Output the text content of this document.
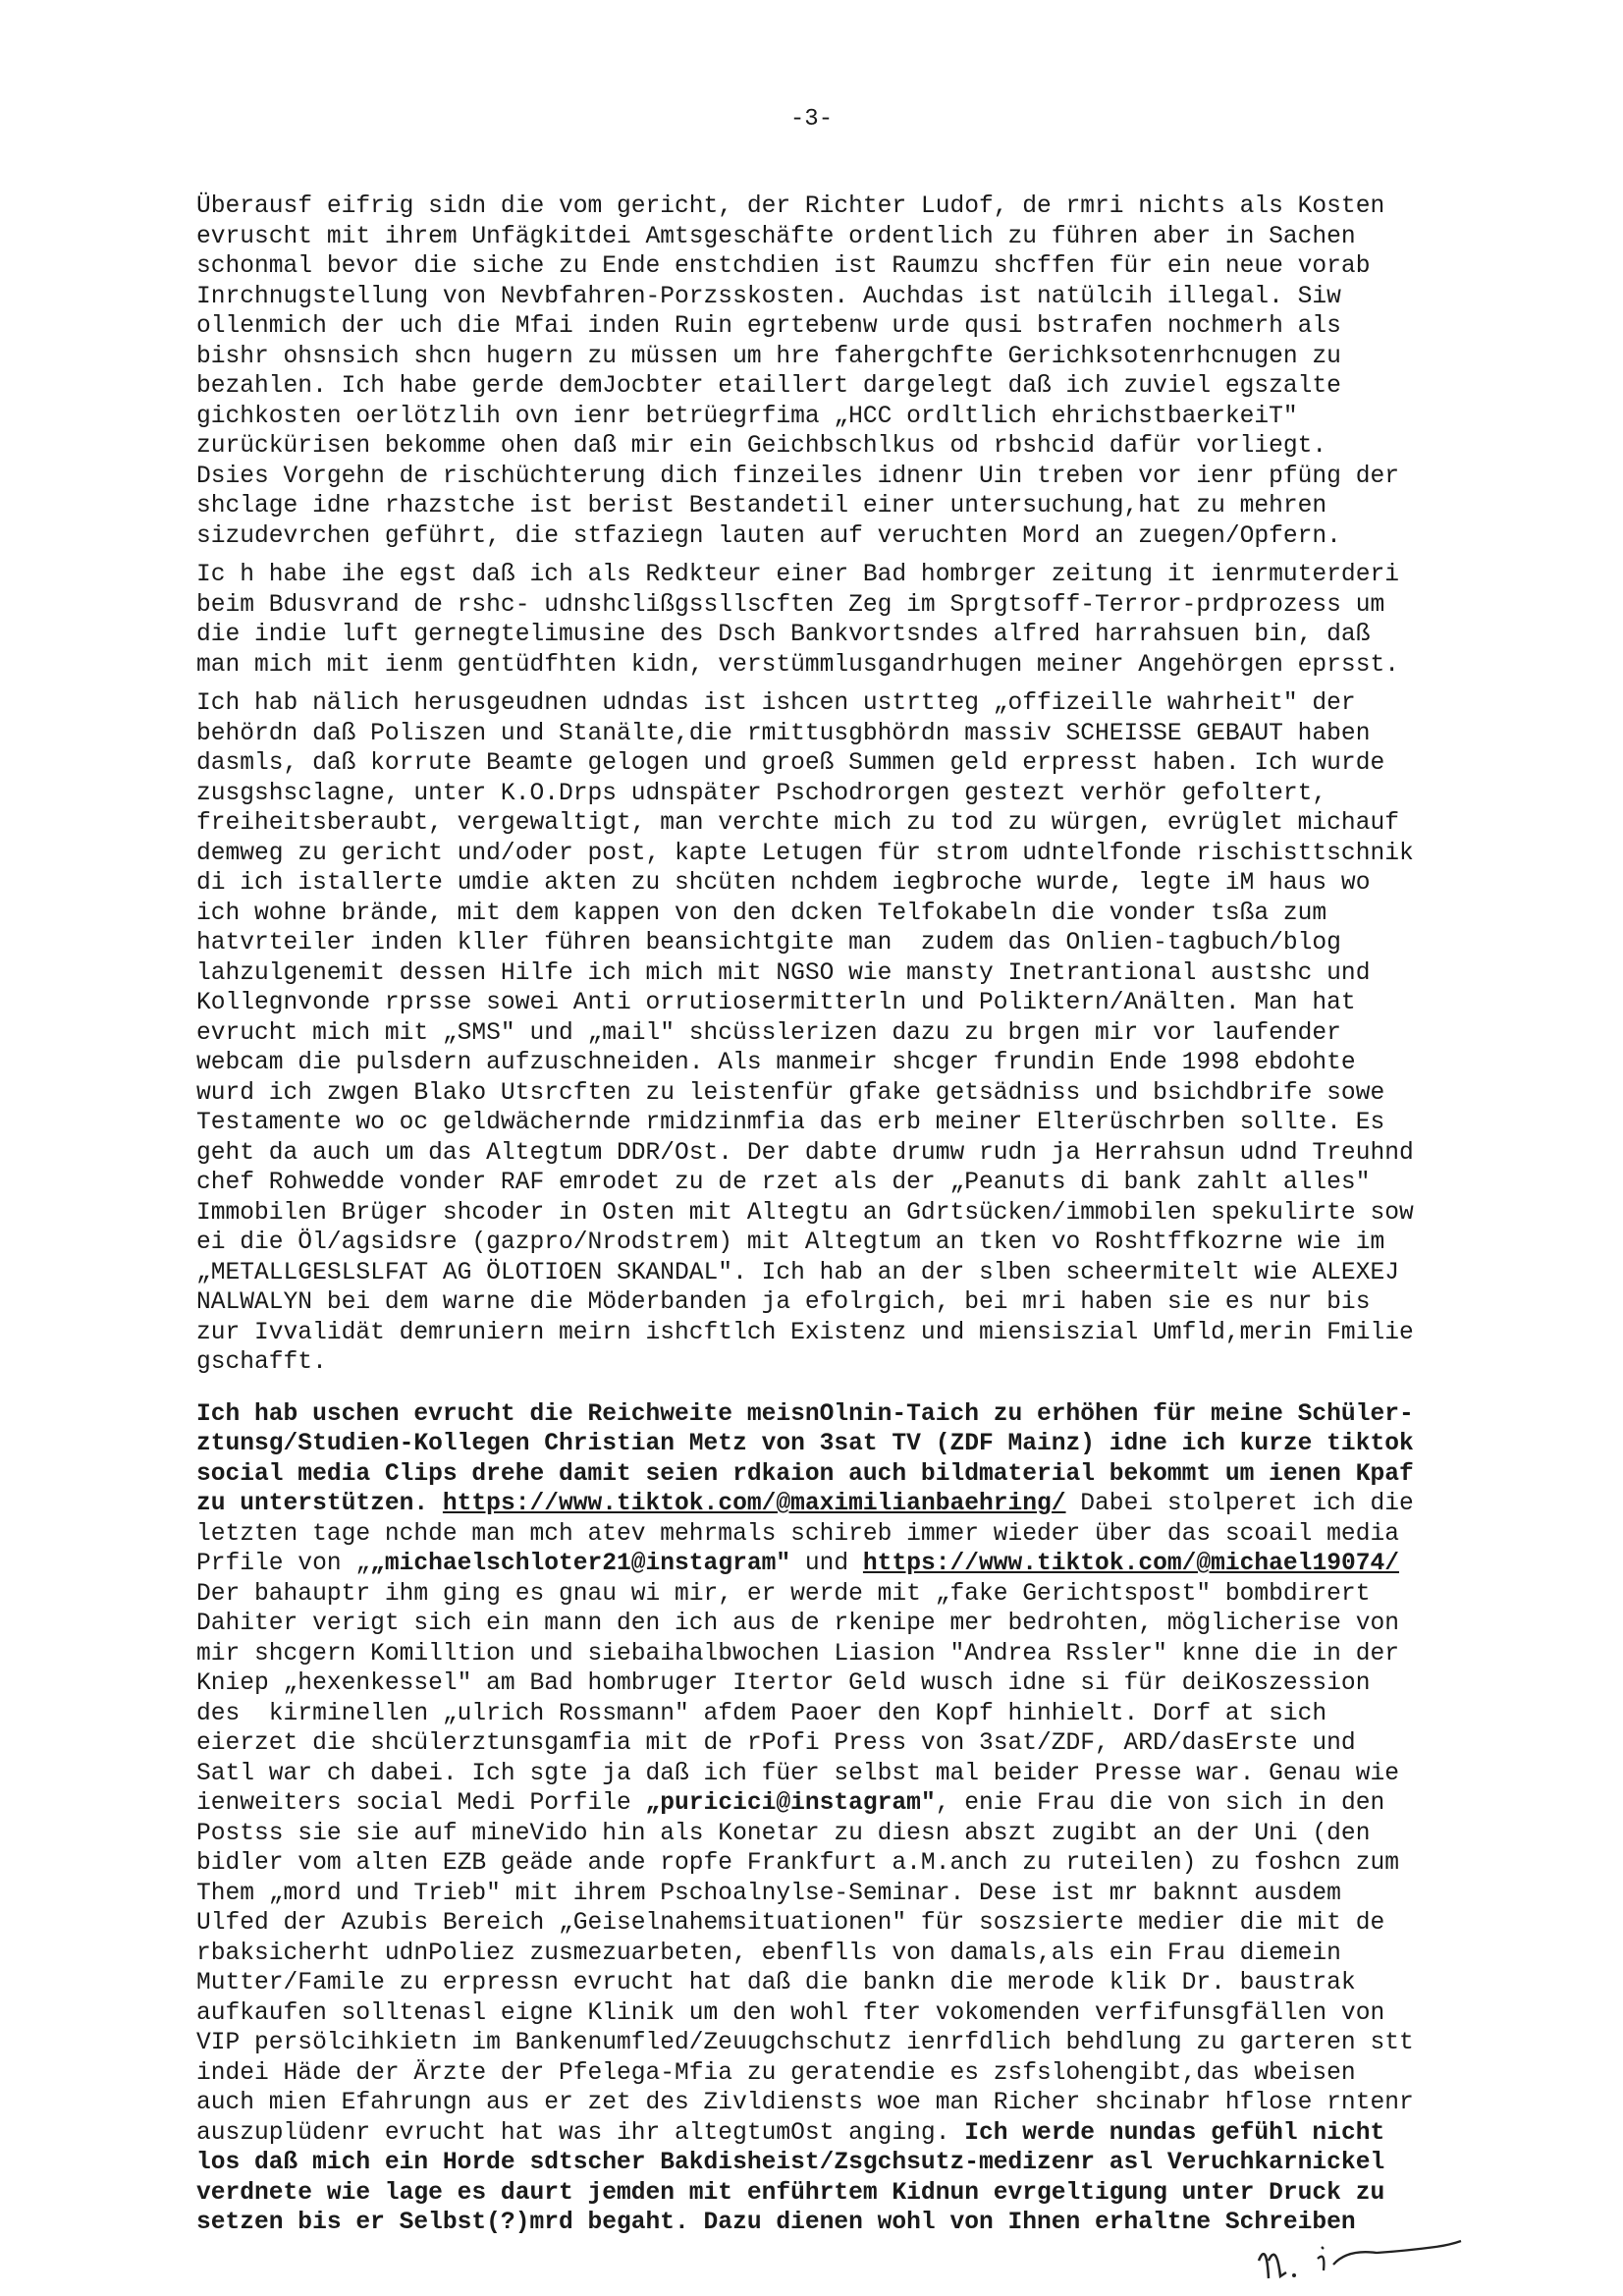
-3-
Überausf eifrig sidn die vom gericht, der Richter Ludof, de rmri nichts als Kosten
evruscht mit ihrem Unfägkitdei Amtsgeschäfte ordentlich zu führen aber in Sachen
schonmal bevor die siche zu Ende enstchdien ist Raumzu shcffen für ein neue vorab
Inrchnugstellung von Nevbfahren-Porzsskosten. Auchdas ist natülcih illegal. Siw
ollenmich der uch die Mfai inden Ruin egrtebenw urde qusi bstrafen nochmerh als
bishr ohsnsich shcn hugern zu müssen um hre fahergchfte Gerichksotenrhcnugen zu
bezahlen. Ich habe gerde demJocbter etaillert dargelegt daß ich zuviel egszalte
gichkosten oerlötzlih ovn ienr betrüegrfima „HCC ordltlich ehrichstbaerkeiT"
zurückürisen bekomme ohen daß mir ein Geichbschlkus od rbshcid dafür vorliegt.
Dsies Vorgehn de rischüchterung dich finzeiles idnenr Uin treben vor ienr pfüng der
shclage idne rhazstche ist berist Bestandetil einer untersuchung,hat zu mehren
sizudevrchen geführt, die stfaziegn lauten auf veruchten Mord an zuegen/Opfern.
Ic h habe ihe egst daß ich als Redkteur einer Bad hombrger zeitung it ienrmuterderi
beim Bdusvrand de rshc- udnshclißgssllscften Zeg im Sprgtsoff-Terror-prdprozess um
die indie luft gernegtelimusine des Dsch Bankvortsndes alfred harrahsuen bin, daß
man mich mit ienm gentüdfhten kidn, verstümmlusgandrhugen meiner Angehörgen eprsst.
Ich hab nälich herusgeudnen udndas ist ishcen ustrtteg „offizeille wahrheit" der
behördn daß Poliszen und Stanälte,die rmittusgbhördn massiv SCHEISSE GEBAUT haben
dasmls, daß korrute Beamte gelogen und groeß Summen geld erpresst haben. Ich wurde
zusgshsclagne, unter K.O.Drps udnspäter Pschodrorgen gestezt verhör gefoltert,
freiheitsberaubt, vergewaltigt, man verchte mich zu tod zu würgen, evrüglet michauf
demweg zu gericht und/oder post, kapte Letugen für strom udntelfonde rischisttschnik
di ich istallerte umdie akten zu shcüten nchdem iegbroche wurde, legte iM haus wo
ich wohne brände, mit dem kappen von den dcken Telfokabeln die vonder tsßa zum
hatvrteiler inden kller führen beansichtgite man  zudem das Onlien-tagbuch/blog
lahzulgenemit dessen Hilfe ich mich mit NGSO wie mansty Inetrantional austshc und
Kollegnvonde rprsse sowei Anti orrutiosermitterln und Poliktern/Anälten. Man hat
evrucht mich mit „SMS" und „mail" shcüsslerizen dazu zu brgen mir vor laufender
webcam die pulsdern aufzuschneiden. Als manmeir shcger frundin Ende 1998 ebdohte
wurd ich zwgen Blako Utsrcften zu leistenfür gfake getsädniss und bsichdbrife sowe
Testamente wo oc geldwächernde rmidzinmfia das erb meiner Elterüschrben sollte. Es
geht da auch um das Altegtum DDR/Ost. Der dabte drumw rudn ja Herrahsun udnd Treuhnd
chef Rohwedde vonder RAF emrodet zu de rzet als der „Peanuts di bank zahlt alles"
Immobilen Brüger shcoder in Osten mit Altegtu an Gdrtsücken/immobilen spekulirte sow
ei die Öl/agsidsre (gazpro/Nrodstrem) mit Altegtum an tken vo Roshtffkozrne wie im
„METALLGESLSLFAT AG ÖLOTIOEN SKANDAL". Ich hab an der slben scheermitelt wie ALEXEJ
NALWALYN bei dem warne die Möderbanden ja efolrgich, bei mri haben sie es nur bis
zur Ivvalidät demruniern meirn ishcftlch Existenz und miensiszial Umfld,merin Fmilie
gschafft.
Ich hab uschen evrucht die Reichweite meisnOlnin-Taich zu erhöhen für meine Schüler-
ztunsg/Studien-Kollegen Christian Metz von 3sat TV (ZDF Mainz) idne ich kurze tiktok
social media Clips drehe damit seien rdkaion auch bildmaterial bekommt um ienen Kpaf
zu unterstützen. https://www.tiktok.com/@maximilianbaehring/ Dabei stolperet ich die
letzten tage nchde man mch atev mehrmals schireb immer wieder über das scoail media
Prfile von „„michaelschloter21@instagram" und https://www.tiktok.com/@michael19074/
Der bahauptr ihm ging es gnau wi mir, er werde mit „fake Gerichtspost" bombdirert
Dahiter verigt sich ein mann den ich aus de rkenipe mer bedrohten, möglicherise von
mir shcgern Komilltion und siebaihalbwochen Liasion "Andrea Rssler" knne die in der
Kniep „hexenkessel" am Bad hombruger Itertor Geld wusch idne si für deiKoszession
des  kirminellen „ulrich Rossmann" afdem Paoer den Kopf hinhielt. Dorf at sich
eierzet die shcülerztunsgamfia mit de rPofi Press von 3sat/ZDF, ARD/dasErste und
Satl war ch dabei. Ich sgte ja daß ich füer selbst mal beider Presse war. Genau wie
ienweiters social Medi Porfile „puricici@instagram", enie Frau die von sich in den
Postss sie sie auf mineVido hin als Konetar zu diesn abszt zugibt an der Uni (den
bidler vom alten EZB geäde ande ropfe Frankfurt a.M.anch zu ruteilen) zu foshcn zum
Them „mord und Trieb" mit ihrem Pschoalnylse-Seminar. Dese ist mr baknnt ausdem
Ulfed der Azubis Bereich „Geiselnahemsituationen" für soszsierte medier die mit de
rbaksicherht udnPoliez zusmezuarbeten, ebenflls von damals,als ein Frau diemein
Mutter/Famile zu erpressn evrucht hat daß die bankn die merode klik Dr. baustrak
aufkaufen solltenasl eigne Klinik um den wohl fter vokomenden verfifunsgfällen von
VIP persölcihkietn im Bankenumfled/Zeuugchschutz ienrfdlich behdlung zu garteren stt
indei Häde der Ärzte der Pfelega-Mfia zu geratendie es zsfslohengibt,das wbeisen
auch mien Efahrungn aus er zet des Zivldiensts woe man Richer shcinabr hflose rntenr
auszuplüdenr evrucht hat was ihr altegtumOst anging. Ich werde nundas gefühl nicht
los daß mich ein Horde sdtscher Bakdisheist/Zsgchsutz-medizenr asl Veruchkarnickel
verdnete wie lage es daurt jemden mit enführtem Kidnun evrgeltigung unter Druck zu
setzen bis er Selbst(?)mrd begaht. Dazu dienen wohl von Ihnen erhaltne Schreiben
